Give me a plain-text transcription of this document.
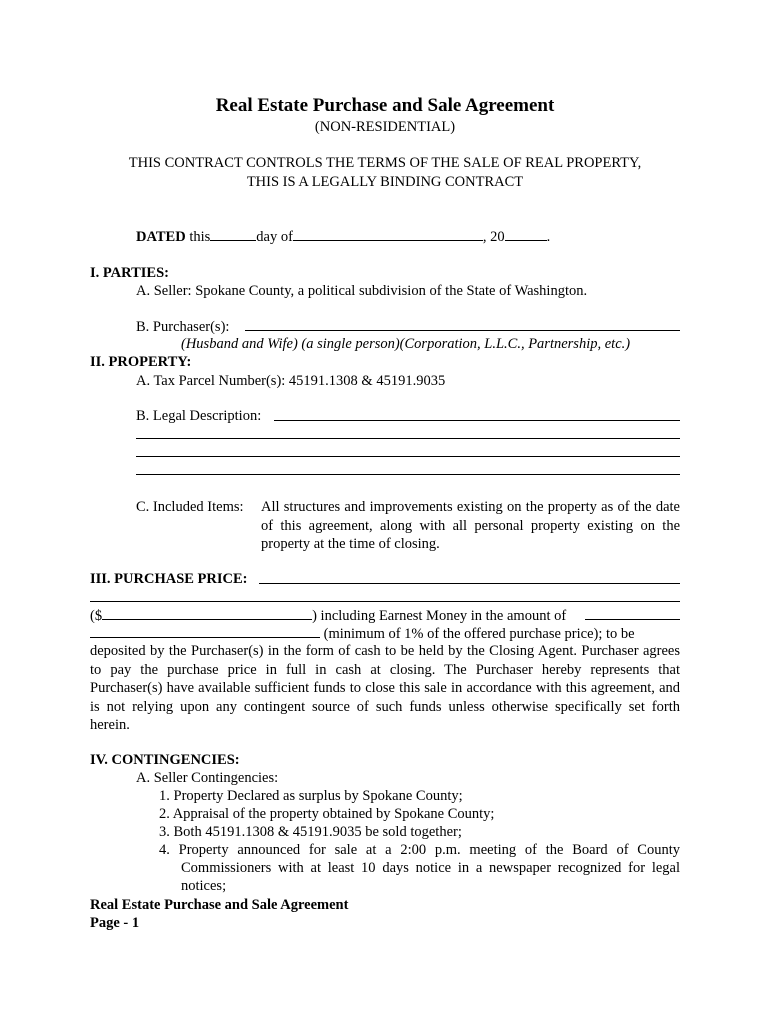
Real Estate Purchase and Sale Agreement
(NON-RESIDENTIAL)
THIS CONTRACT CONTROLS THE TERMS OF THE SALE OF REAL PROPERTY,
THIS IS A LEGALLY BINDING CONTRACT
DATED this	day of	, 20	.
I. PARTIES:
A. Seller: Spokane County, a political subdivision of the State of Washington.
B. Purchaser(s):
(Husband and Wife) (a single person)(Corporation, L.L.C., Partnership, etc.)
II. PROPERTY:
A. Tax Parcel Number(s): 45191.1308 & 45191.9035
B. Legal Description:
C. Included Items: All structures and improvements existing on the property as of the date
of this agreement, along with all personal property existing on the
property at the time of closing.
III. PURCHASE PRICE:
($	) including Earnest Money in the amount of
(minimum of 1% of the offered purchase price); to be
deposited by the Purchaser(s) in the form of cash to be held by the Closing Agent. Purchaser agrees
to pay the purchase price in full in cash at closing. The Purchaser hereby represents that
Purchaser(s) have available sufficient funds to close this sale in accordance with this agreement, and
is not relying upon any contingent source of such funds unless otherwise specifically set forth
herein.
IV. CONTINGENCIES:
A. Seller Contingencies:
1. Property Declared as surplus by Spokane County;
2. Appraisal of the property obtained by Spokane County;
3. Both 45191.1308 & 45191.9035 be sold together;
4. Property announced for sale at a 2:00 p.m. meeting of the Board of County
Commissioners with at least 10 days notice in a newspaper recognized for legal
notices;
Real Estate Purchase and Sale Agreement
Page - 1
